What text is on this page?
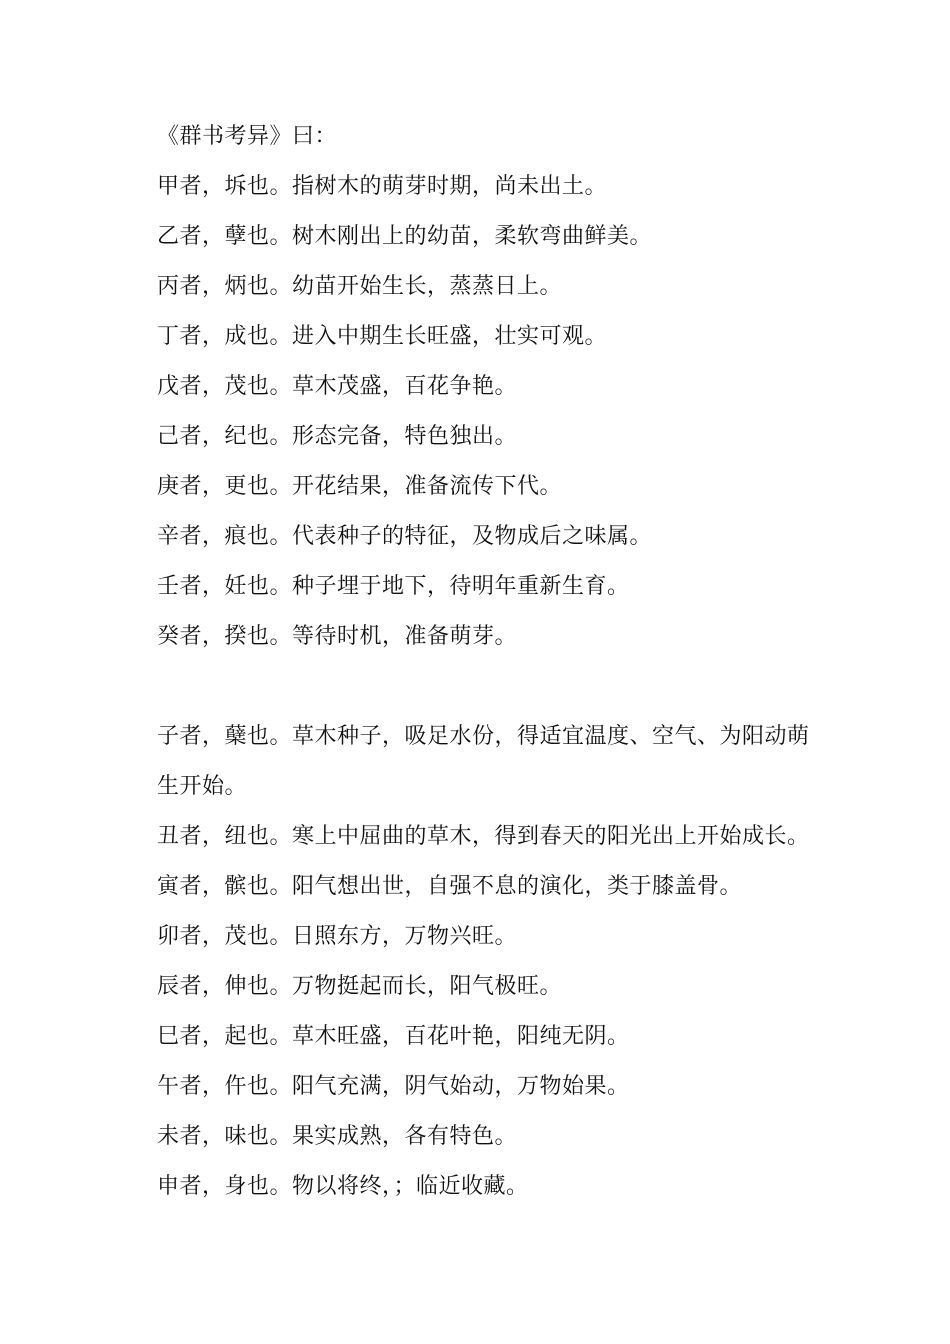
《群书考异》曰：
甲者，坼也。指树木的萌芽时期，尚未出土。
乙者，孽也。树木刚出上的幼苗，柔软弯曲鲜美。
丙者，炳也。幼苗开始生长，蒸蒸日上。
丁者，成也。进入中期生长旺盛，壮实可观。
戊者，茂也。草木茂盛，百花争艳。
己者，纪也。形态完备，特色独出。
庚者，更也。开花结果，准备流传下代。
辛者，痕也。代表种子的特征，及物成后之味属。
壬者，妊也。种子埋于地下，待明年重新生育。
癸者，揆也。等待时机，准备萌芽。
子者，蘖也。草木种子，吸足水份，得适宜温度、空气、为阳动萌生开始。
丑者，纽也。寒上中屈曲的草木，得到春天的阳光出上开始成长。
寅者，髌也。阳气想出世，自强不息的演化，类于膝盖骨。
卯者，茂也。日照东方，万物兴旺。
辰者，伸也。万物挺起而长，阳气极旺。
巳者，起也。草木旺盛，百花叶艳，阳纯无阴。
午者，仵也。阳气充满，阴气始动，万物始果。
未者，味也。果实成熟，各有特色。
申者，身也。物以将终，；临近收藏。
